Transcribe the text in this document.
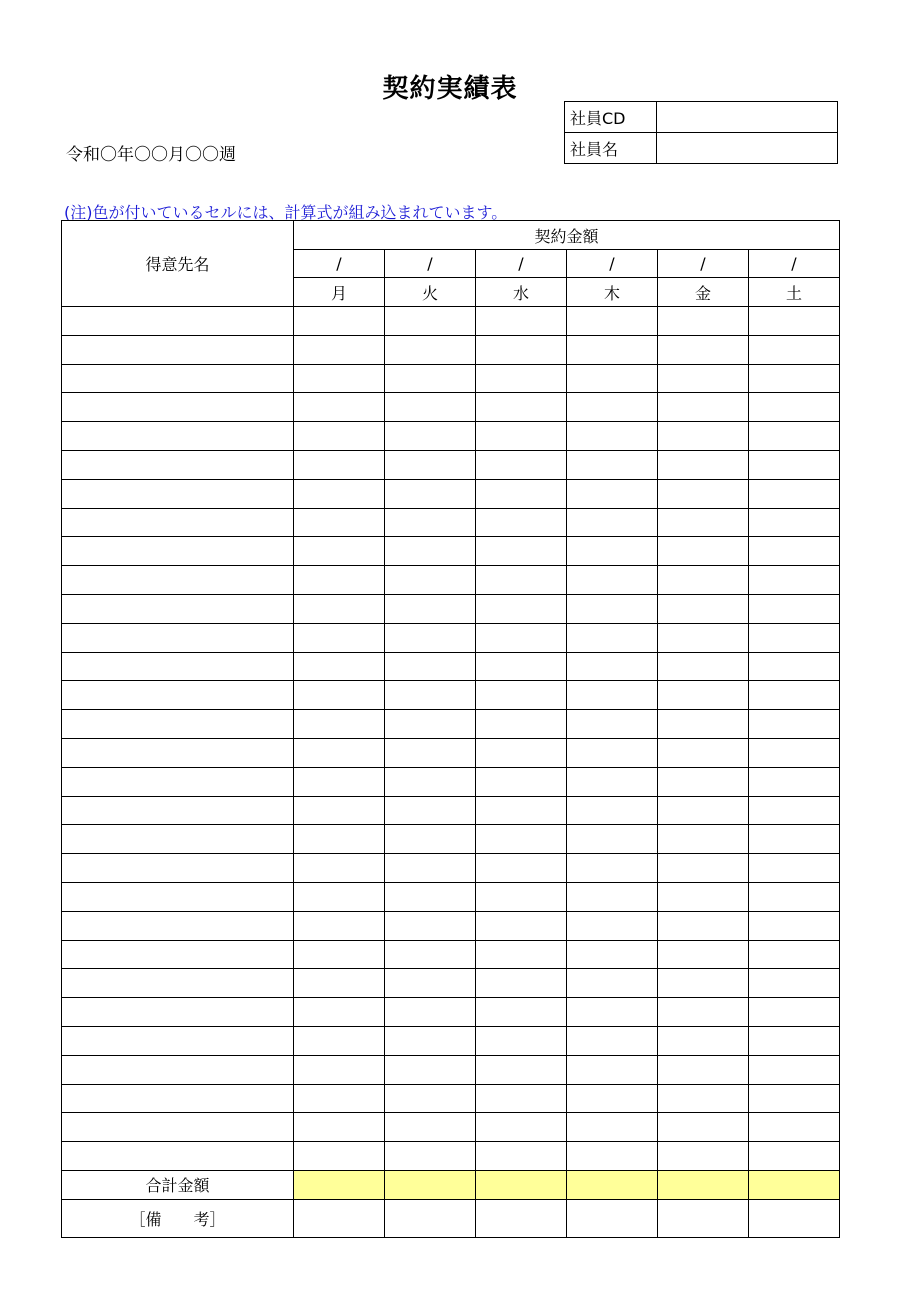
契約実績表
令和〇年〇〇月〇〇週
社員CD	
社員名	
(注)色が付いているセルには、計算式が組み込まれています。
得意先名	契約金額					
	/	/	/	/	/	/
	月	火	水	木	金	土

合計金額						
［備　　考］						
